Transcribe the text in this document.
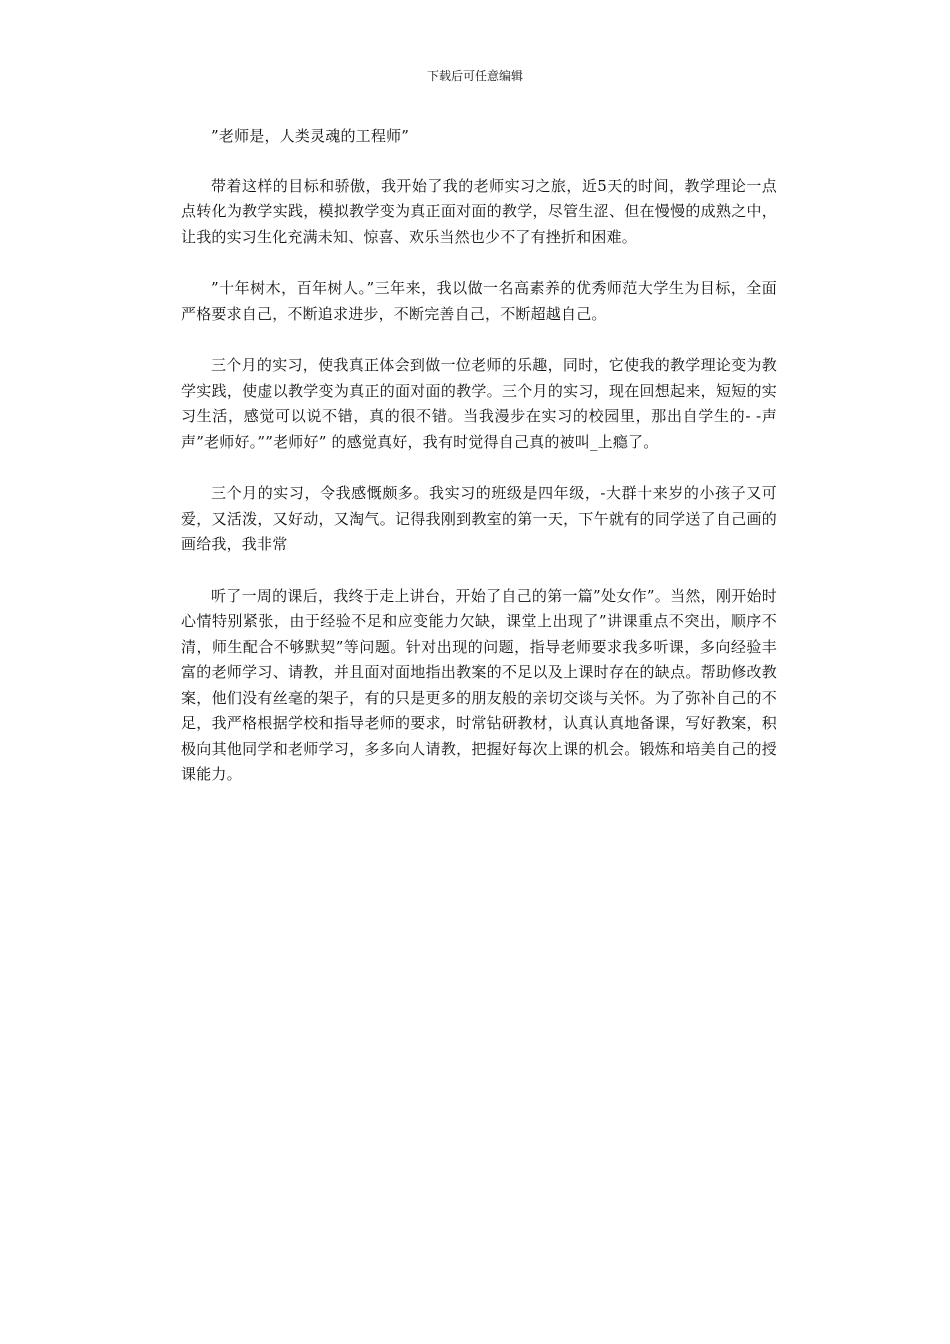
下载后可任意编辑

”老师是，人类灵魂的工程师”

带着这样的目标和骄傲，我开始了我的老师实习之旅，近5天的时间，教学理论一点点转化为教学实践，模拟教学变为真正面对面的教学，尽管生涩、但在慢慢的成熟之中，让我的实习生化充满未知、惊喜、欢乐当然也少不了有挫折和困难。

”十年树木，百年树人。”三年来，我以做一名高素养的优秀师范大学生为目标，全面严格要求自己，不断追求进步，不断完善自己，不断超越自己。

三个月的实习，使我真正体会到做一位老师的乐趣，同时，它使我的教学理论变为教学实践，使虚以教学变为真正的面对面的教学。三个月的实习，现在回想起来，短短的实习生活，感觉可以说不错，真的很不错。当我漫步在实习的校园里，那出自学生的- -声声”老师好。””老师好” 的感觉真好，我有时觉得自己真的被叫_上瘾了。

三个月的实习，令我感慨颇多。我实习的班级是四年级，-大群十来岁的小孩子又可爱，又活泼，又好动，又淘气。记得我刚到教室的第一天，下午就有的同学送了自己画的画给我，我非常

听了一周的课后，我终于走上讲台，开始了自己的第一篇”处女作”。当然，刚开始时心情特别紧张，由于经验不足和应变能力欠缺，课堂上出现了”讲课重点不突出，顺序不清，师生配合不够默契”等问题。针对出现的问题，指导老师要求我多听课，多向经验丰富的老师学习、请教，并且面对面地指出教案的不足以及上课时存在的缺点。帮助修改教案，他们没有丝毫的架子，有的只是更多的朋友般的亲切交谈与关怀。为了弥补自己的不足，我严格根据学校和指导老师的要求，时常钻研教材，认真认真地备课，写好教案，积极向其他同学和老师学习，多多向人请教，把握好每次上课的机会。锻炼和培美自己的授课能力。
